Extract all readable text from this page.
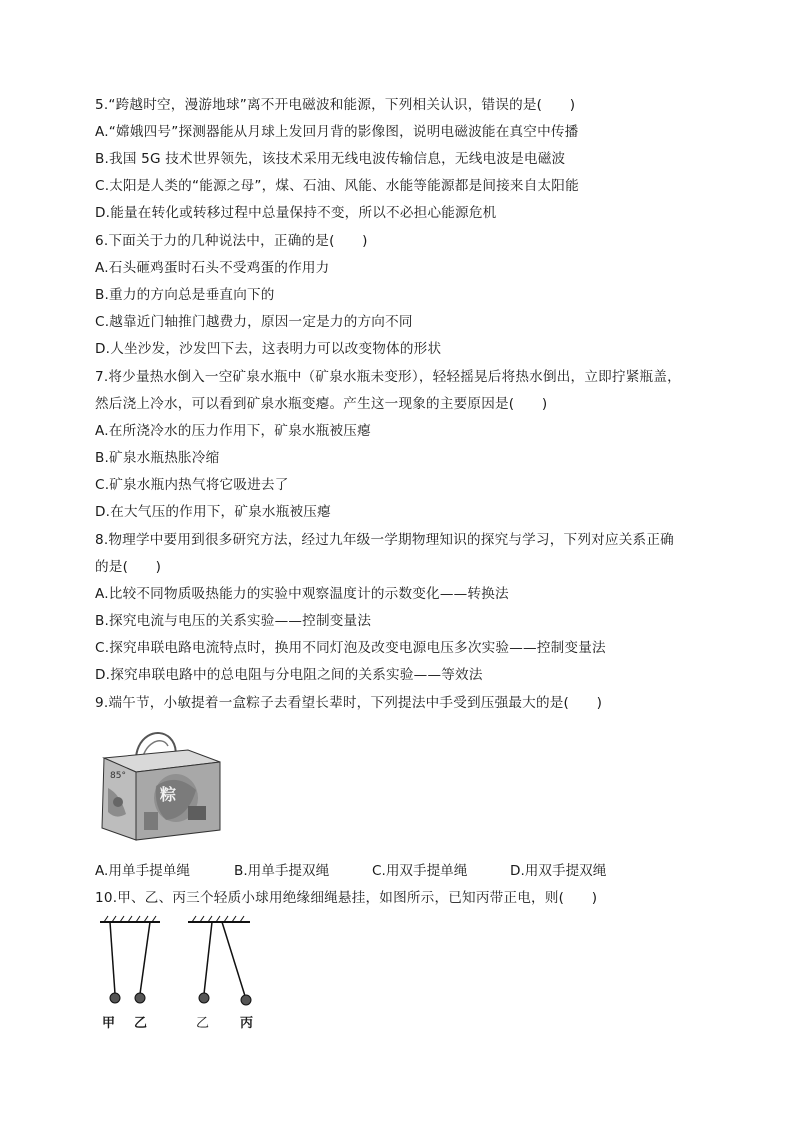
5.“跨越时空，漫游地球”离不开电磁波和能源，下列相关认识，错误的是(　　)
A.“嫦娥四号”探测器能从月球上发回月背的影像图，说明电磁波能在真空中传播
B.我国 5G 技术世界领先，该技术采用无线电波传输信息，无线电波是电磁波
C.太阳是人类的“能源之母”，煤、石油、风能、水能等能源都是间接来自太阳能
D.能量在转化或转移过程中总量保持不变，所以不必担心能源危机
6.下面关于力的几种说法中，正确的是(　　)
A.石头砸鸡蛋时石头不受鸡蛋的作用力
B.重力的方向总是垂直向下的
C.越靠近门轴推门越费力，原因一定是力的方向不同
D.人坐沙发，沙发凹下去，这表明力可以改变物体的形状
7.将少量热水倒入一空矿泉水瓶中（矿泉水瓶未变形），轻轻摇晃后将热水倒出，立即拧紧瓶盖，
然后浇上冷水，可以看到矿泉水瓶变瘪。产生这一现象的主要原因是(　　)
A.在所浇冷水的压力作用下，矿泉水瓶被压瘪
B.矿泉水瓶热胀冷缩
C.矿泉水瓶内热气将它吸进去了
D.在大气压的作用下，矿泉水瓶被压瘪
8.物理学中要用到很多研究方法，经过九年级一学期物理知识的探究与学习，下列对应关系正确
的是(　　)
A.比较不同物质吸热能力的实验中观察温度计的示数变化——转换法
B.探究电流与电压的关系实验——控制变量法
C.探究串联电路电流特点时，换用不同灯泡及改变电源电压多次实验——控制变量法
D.探究串联电路中的总电阻与分电阻之间的关系实验——等效法
9.端午节，小敏提着一盒粽子去看望长辈时，下列提法中手受到压强最大的是(　　)
粽
85°
A.用单手提单绳	B.用单手提双绳	C.用双手提单绳	D.用双手提双绳
10.甲、乙、丙三个轻质小球用绝缘细绳悬挂，如图所示，已知丙带正电，则(　　)
甲 乙	乙 丙
